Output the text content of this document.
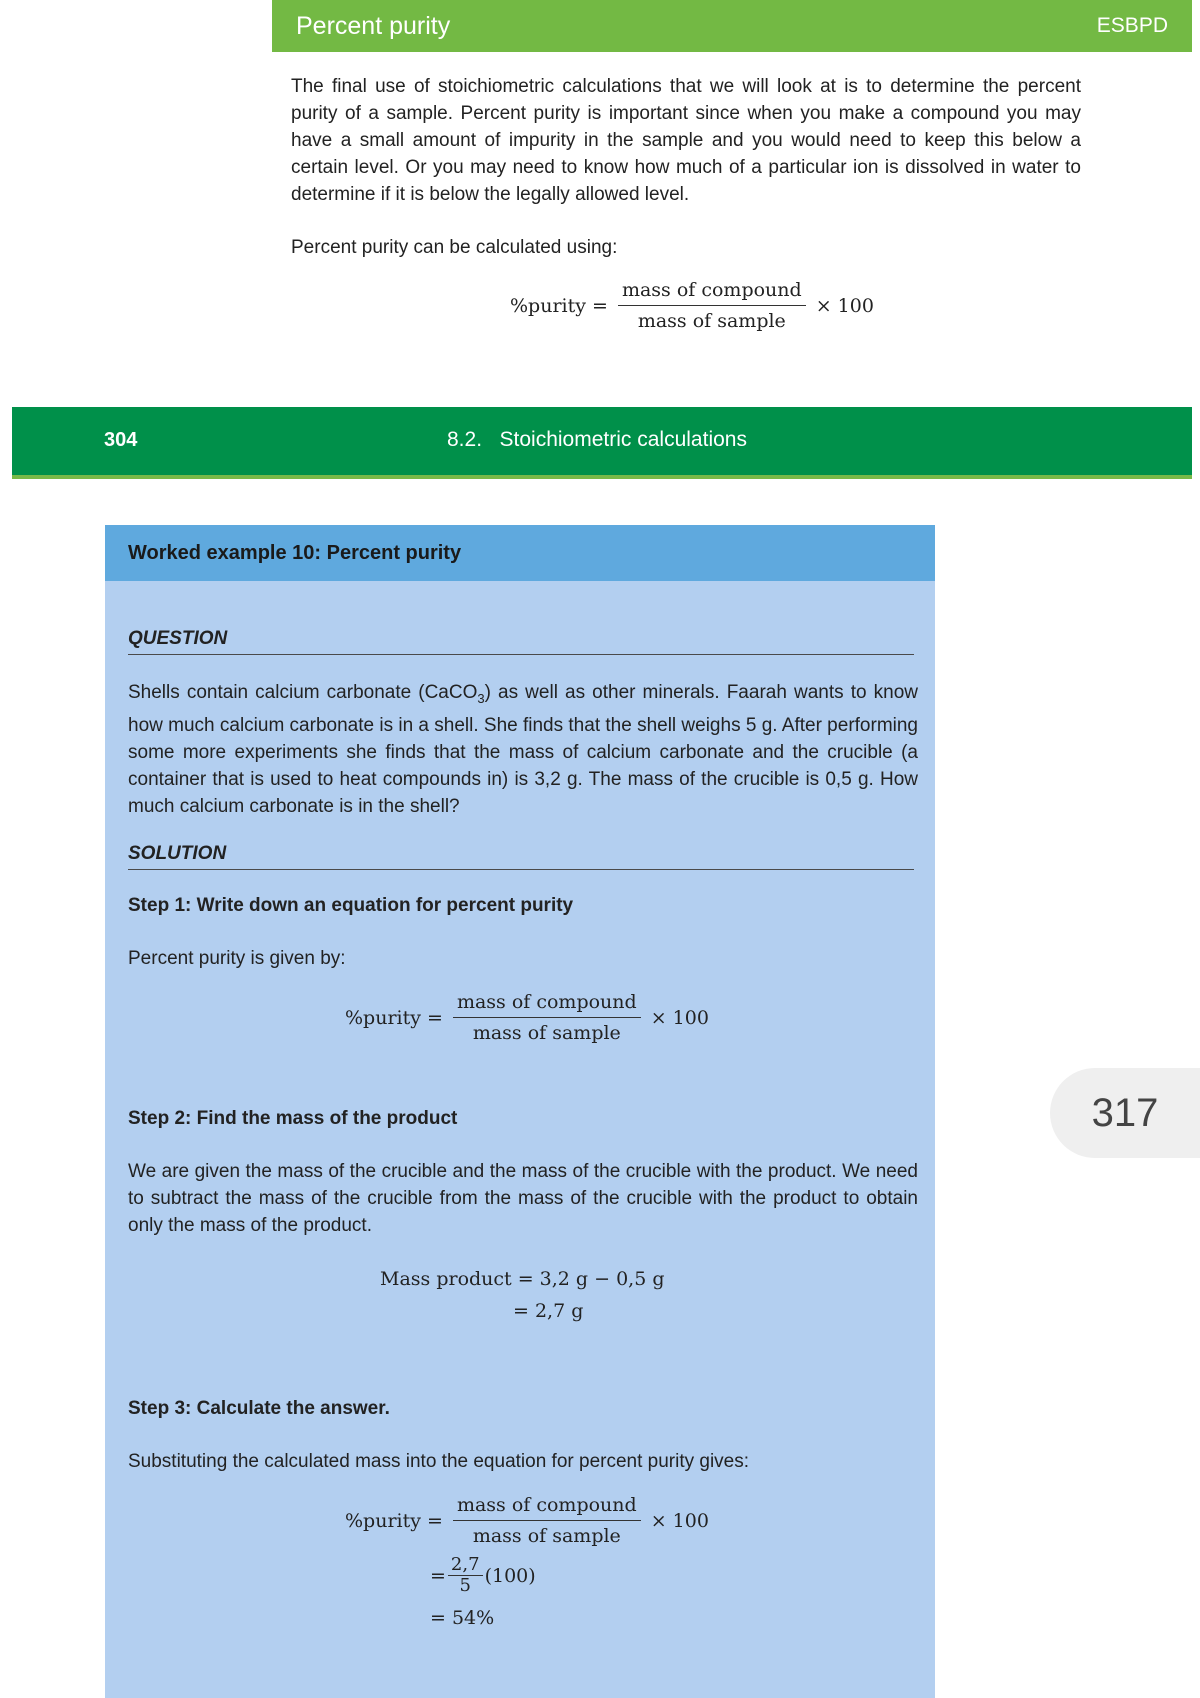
Percent purity	ESBPD
The final use of stoichiometric calculations that we will look at is to determine the percent purity of a sample. Percent purity is important since when you make a compound you may have a small amount of impurity in the sample and you would need to keep this below a certain level. Or you may need to know how much of a particular ion is dissolved in water to determine if it is below the legally allowed level.
Percent purity can be calculated using:
%purity = $\frac{\text{mass of compound}}{\text{mass of sample}} \times 100$
304	8.2.   Stoichiometric calculations
Worked example 10: Percent purity
QUESTION
Shells contain calcium carbonate (CaCO$_3$) as well as other minerals. Faarah wants to know how much calcium carbonate is in a shell. She finds that the shell weighs 5 g. After performing some more experiments she finds that the mass of calcium carbonate and the crucible (a container that is used to heat compounds in) is 3,2 g. The mass of the crucible is 0,5 g. How much calcium carbonate is in the shell?
SOLUTION
Step 1: Write down an equation for percent purity
Percent purity is given by:
%purity = $\frac{\text{mass of compound}}{\text{mass of sample}} \times 100$
Step 2: Find the mass of the product
We are given the mass of the crucible and the mass of the crucible with the product. We need to subtract the mass of the crucible from the mass of the crucible with the product to obtain only the mass of the product.
Mass product = 3,2 g − 0,5 g
= 2,7 g
Step 3: Calculate the answer.
Substituting the calculated mass into the equation for percent purity gives:
%purity = $\frac{\text{mass of compound}}{\text{mass of sample}} \times 100$
= $\frac{2,7}{5} (100)$
= 54%
317
